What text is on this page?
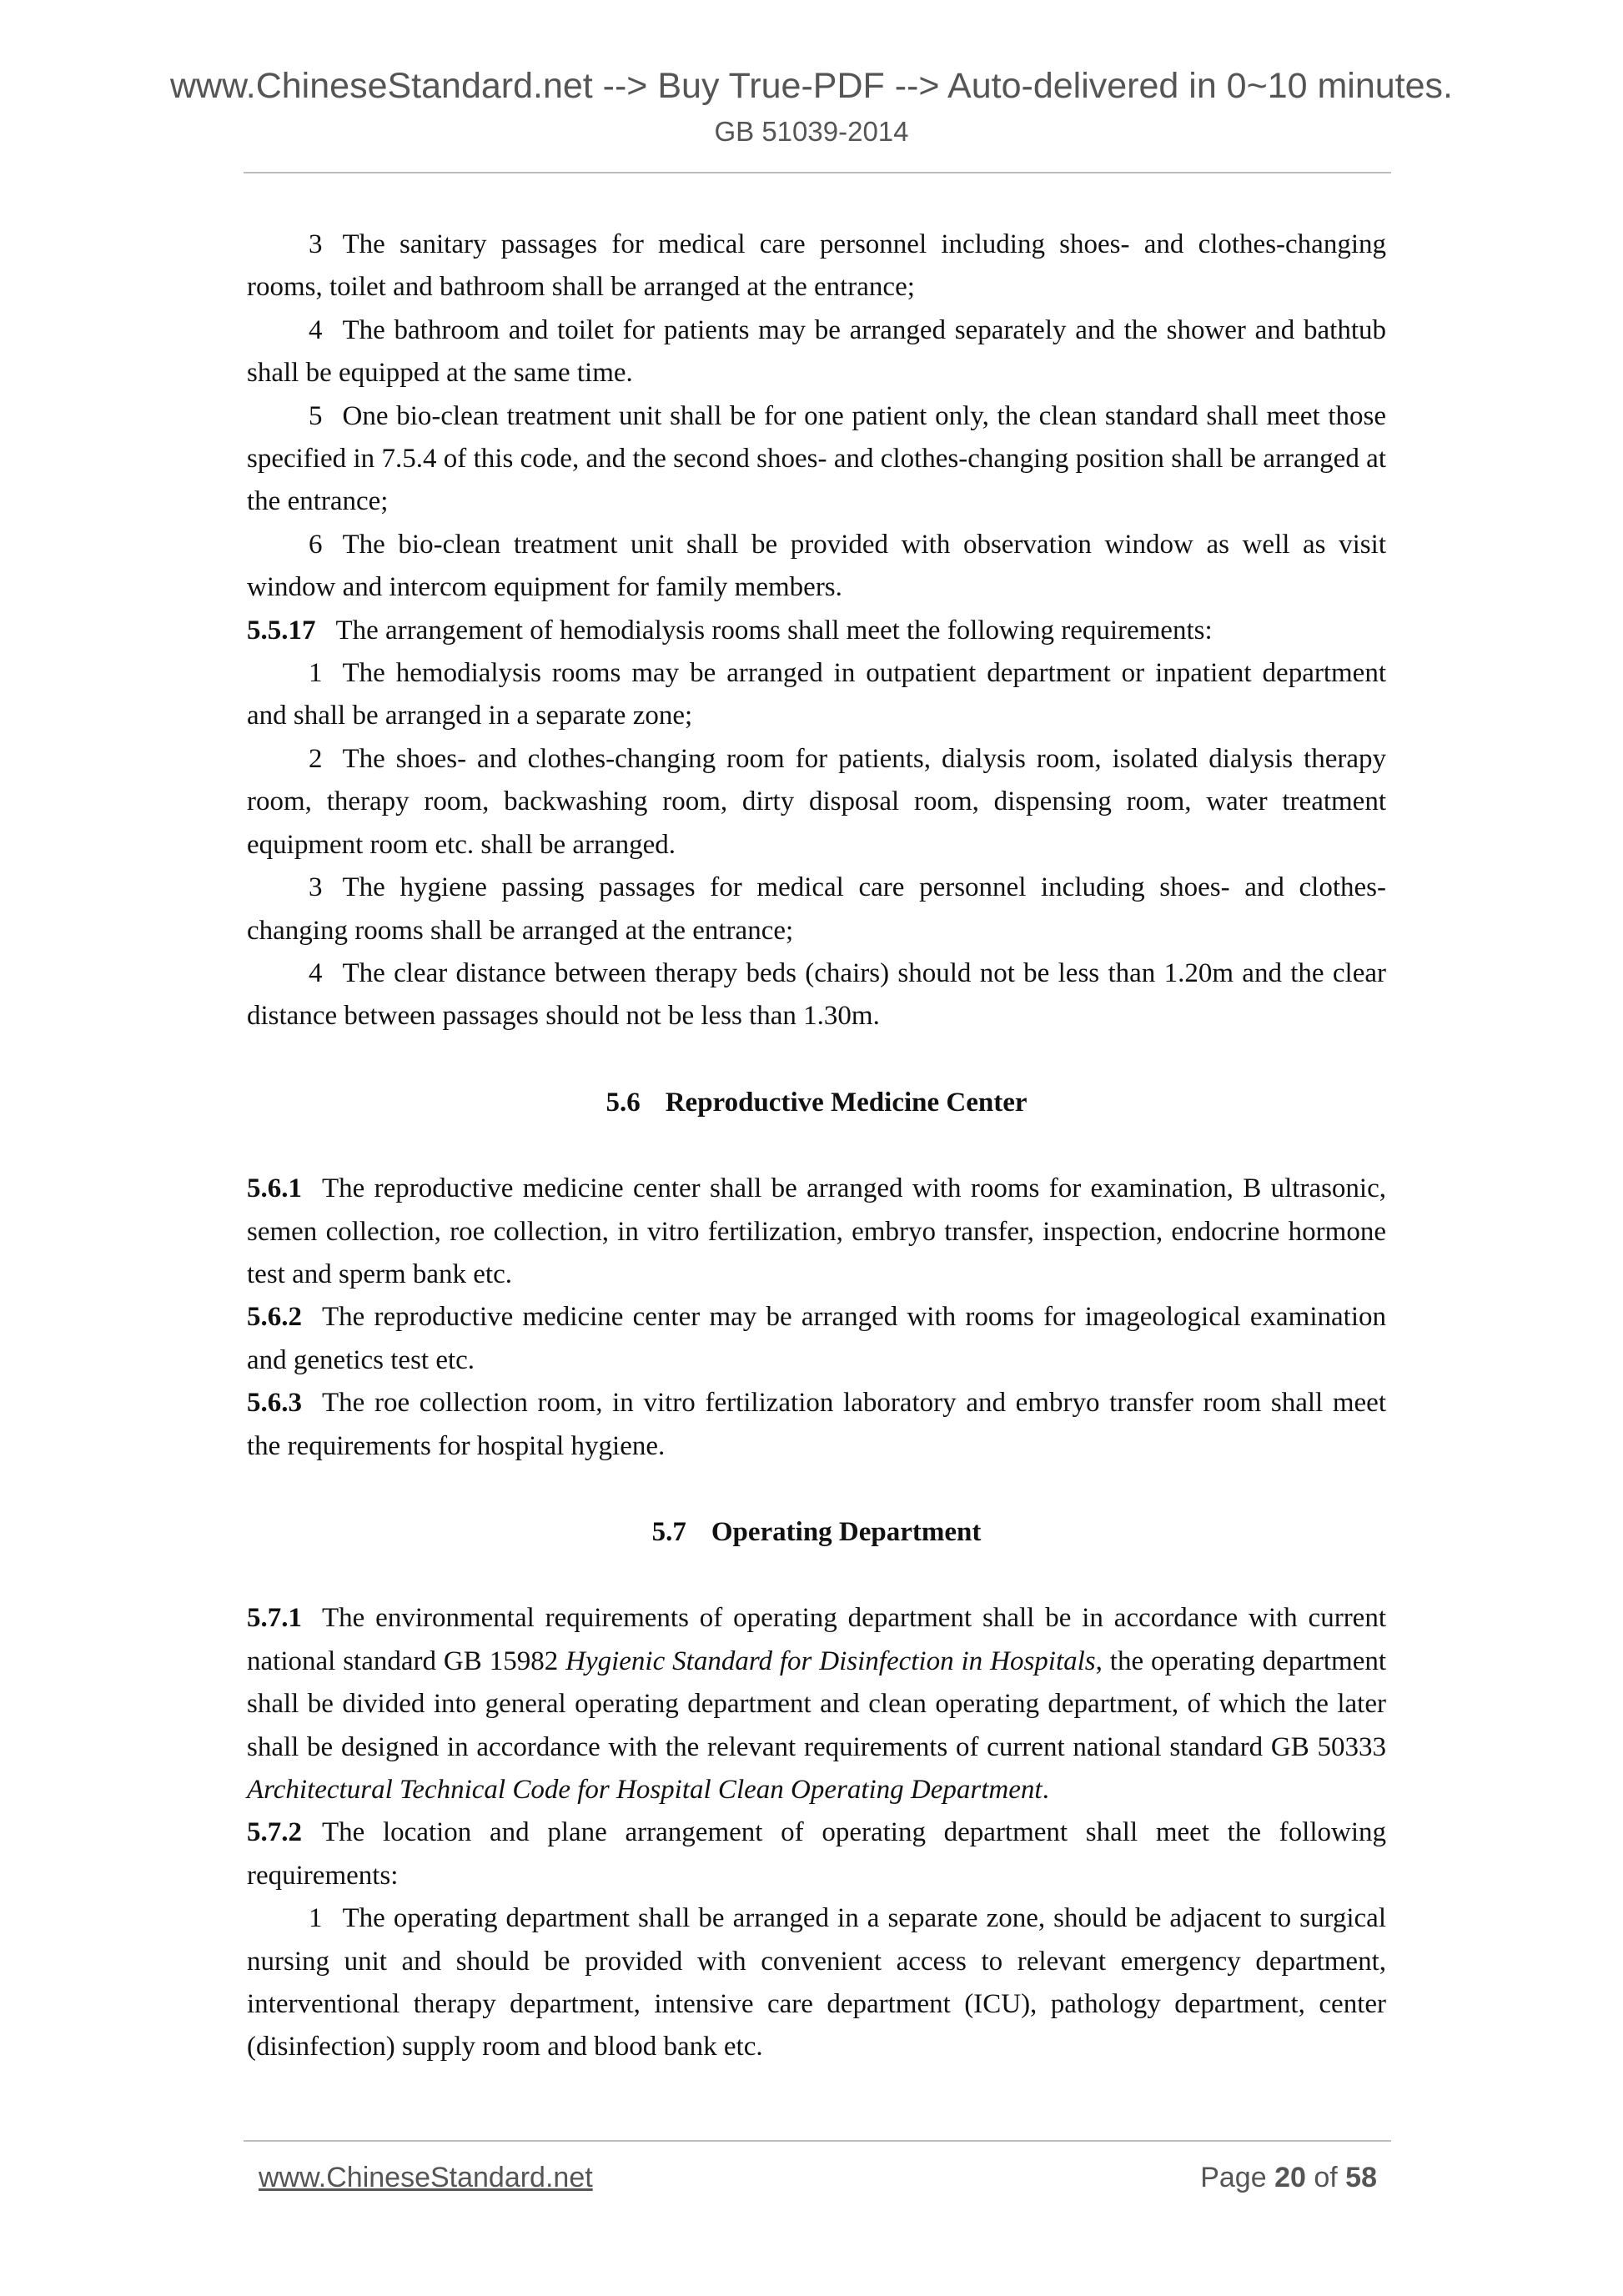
www.ChineseStandard.net --> Buy True-PDF --> Auto-delivered in 0~10 minutes.
GB 51039-2014

3 The sanitary passages for medical care personnel including shoes- and clothes-changing rooms, toilet and bathroom shall be arranged at the entrance;

4 The bathroom and toilet for patients may be arranged separately and the shower and bathtub shall be equipped at the same time.

5 One bio-clean treatment unit shall be for one patient only, the clean standard shall meet those specified in 7.5.4 of this code, and the second shoes- and clothes-changing position shall be arranged at the entrance;

6 The bio-clean treatment unit shall be provided with observation window as well as visit window and intercom equipment for family members.

5.5.17 The arrangement of hemodialysis rooms shall meet the following requirements:

1 The hemodialysis rooms may be arranged in outpatient department or inpatient department and shall be arranged in a separate zone;

2 The shoes- and clothes-changing room for patients, dialysis room, isolated dialysis therapy room, therapy room, backwashing room, dirty disposal room, dispensing room, water treatment equipment room etc. shall be arranged.

3 The hygiene passing passages for medical care personnel including shoes- and clothes-changing rooms shall be arranged at the entrance;

4 The clear distance between therapy beds (chairs) should not be less than 1.20m and the clear distance between passages should not be less than 1.30m.

5.6 Reproductive Medicine Center

5.6.1 The reproductive medicine center shall be arranged with rooms for examination, B ultrasonic, semen collection, roe collection, in vitro fertilization, embryo transfer, inspection, endocrine hormone test and sperm bank etc.

5.6.2 The reproductive medicine center may be arranged with rooms for imageological examination and genetics test etc.

5.6.3 The roe collection room, in vitro fertilization laboratory and embryo transfer room shall meet the requirements for hospital hygiene.

5.7 Operating Department

5.7.1 The environmental requirements of operating department shall be in accordance with current national standard GB 15982 Hygienic Standard for Disinfection in Hospitals, the operating department shall be divided into general operating department and clean operating department, of which the later shall be designed in accordance with the relevant requirements of current national standard GB 50333 Architectural Technical Code for Hospital Clean Operating Department.

5.7.2 The location and plane arrangement of operating department shall meet the following requirements:

1 The operating department shall be arranged in a separate zone, should be adjacent to surgical nursing unit and should be provided with convenient access to relevant emergency department, interventional therapy department, intensive care department (ICU), pathology department, center (disinfection) supply room and blood bank etc.

www.ChineseStandard.net	Page 20 of 58
